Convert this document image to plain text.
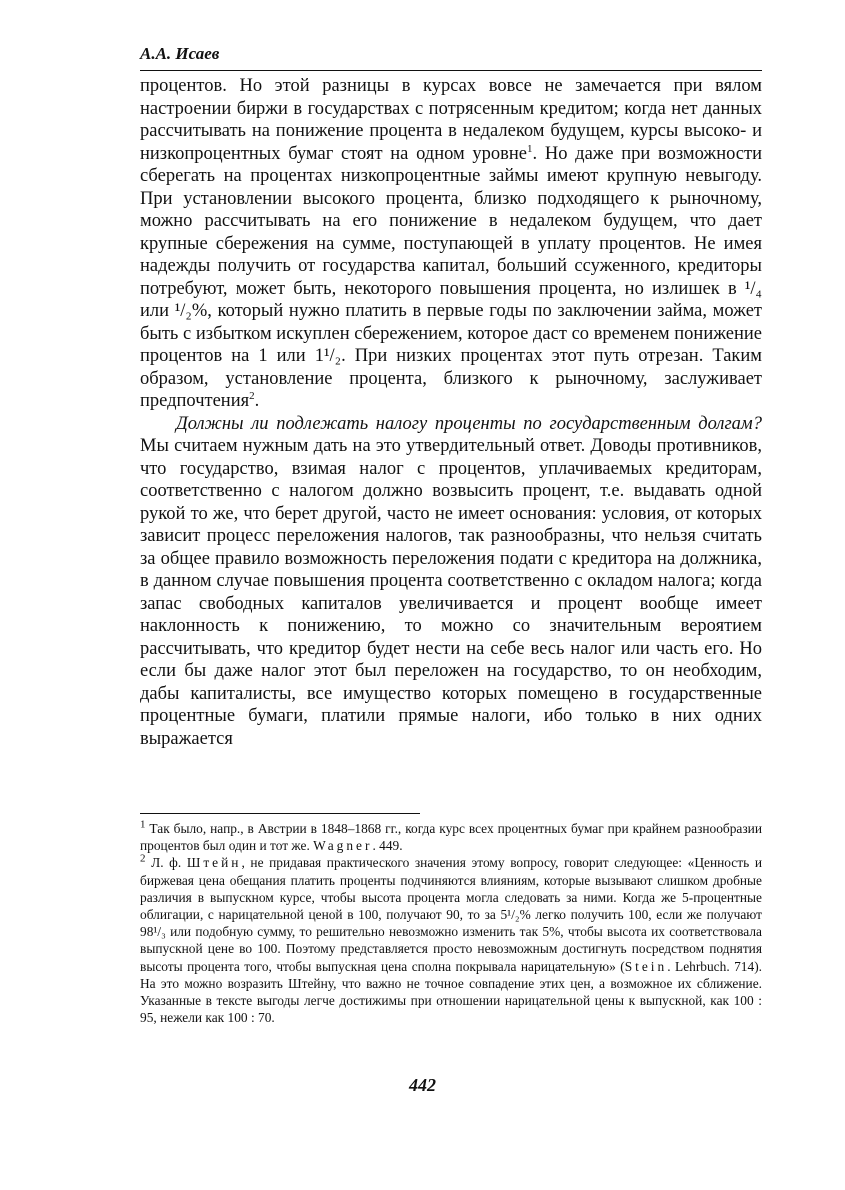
А.А. Исаев

процентов. Но этой разницы в курсах вовсе не замечается при вялом настроении биржи в государствах с потрясенным кредитом; когда нет данных рассчитывать на понижение процента в недалеком будущем, курсы высоко- и низкопроцентных бумаг стоят на одном уровне$^1$. Но даже при возможности сберегать на процентах низкопроцентные займы имеют крупную невыгоду. При установлении высокого процента, близко подходящего к рыночному, можно рассчитывать на его понижение в недалеком будущем, что дает крупные сбережения на сумме, поступающей в уплату процентов. Не имея надежды получить от государства капитал, больший ссуженного, кредиторы потребуют, может быть, некоторого повышения процента, но излишек в ¹/₄ или ¹/₂%, который нужно платить в первые годы по заключении займа, может быть с избытком искуплен сбережением, которое даст со временем понижение процентов на 1 или 1¹/₂. При низких процентах этот путь отрезан. Таким образом, установление процента, близкого к рыночному, заслуживает предпочтения$^2$.

Должны ли подлежать налогу проценты по государственным долгам? Мы считаем нужным дать на это утвердительный ответ. Доводы противников, что государство, взимая налог с процентов, уплачиваемых кредиторам, соответственно с налогом должно возвысить процент, т.е. выдавать одной рукой то же, что берет другой, часто не имеет основания: условия, от которых зависит процесс переложения налогов, так разнообразны, что нельзя считать за общее правило возможность переложения подати с кредитора на должника, в данном случае повышения процента соответственно с окладом налога; когда запас свободных капиталов увеличивается и процент вообще имеет наклонность к понижению, то можно со значительным вероятием рассчитывать, что кредитор будет нести на себе весь налог или часть его. Но если бы даже налог этот был переложен на государство, то он необходим, дабы капиталисты, все имущество которых помещено в государственные процентные бумаги, платили прямые налоги, ибо только в них одних выражается

$^1$ Так было, напр., в Австрии в 1848–1868 гг., когда курс всех процентных бумаг при крайнем разнообразии процентов был один и тот же. Wagner. 449.

$^2$ Л. ф. Штейн, не придавая практического значения этому вопросу, говорит следующее: «Ценность и биржевая цена обещания платить проценты подчиняются влияниям, которые вызывают слишком дробные различия в выпускном курсе, чтобы высота процента могла следовать за ними. Когда же 5-процентные облигации, с нарицательной ценой в 100, получают 90, то за 5¹/₂% легко получить 100, если же получают 98¹/₃ или подобную сумму, то решительно невозможно изменить так 5%, чтобы высота их соответствовала выпускной цене во 100. Поэтому представляется просто невозможным достигнуть посредством поднятия высоты процента того, чтобы выпускная цена сполна покрывала нарицательную» (Stein. Lehrbuch. 714). На это можно возразить Штейну, что важно не точное совпадение этих цен, а возможное их сближение. Указанные в тексте выгоды легче достижимы при отношении нарицательной цены к выпускной, как 100 : 95, нежели как 100 : 70.

442
